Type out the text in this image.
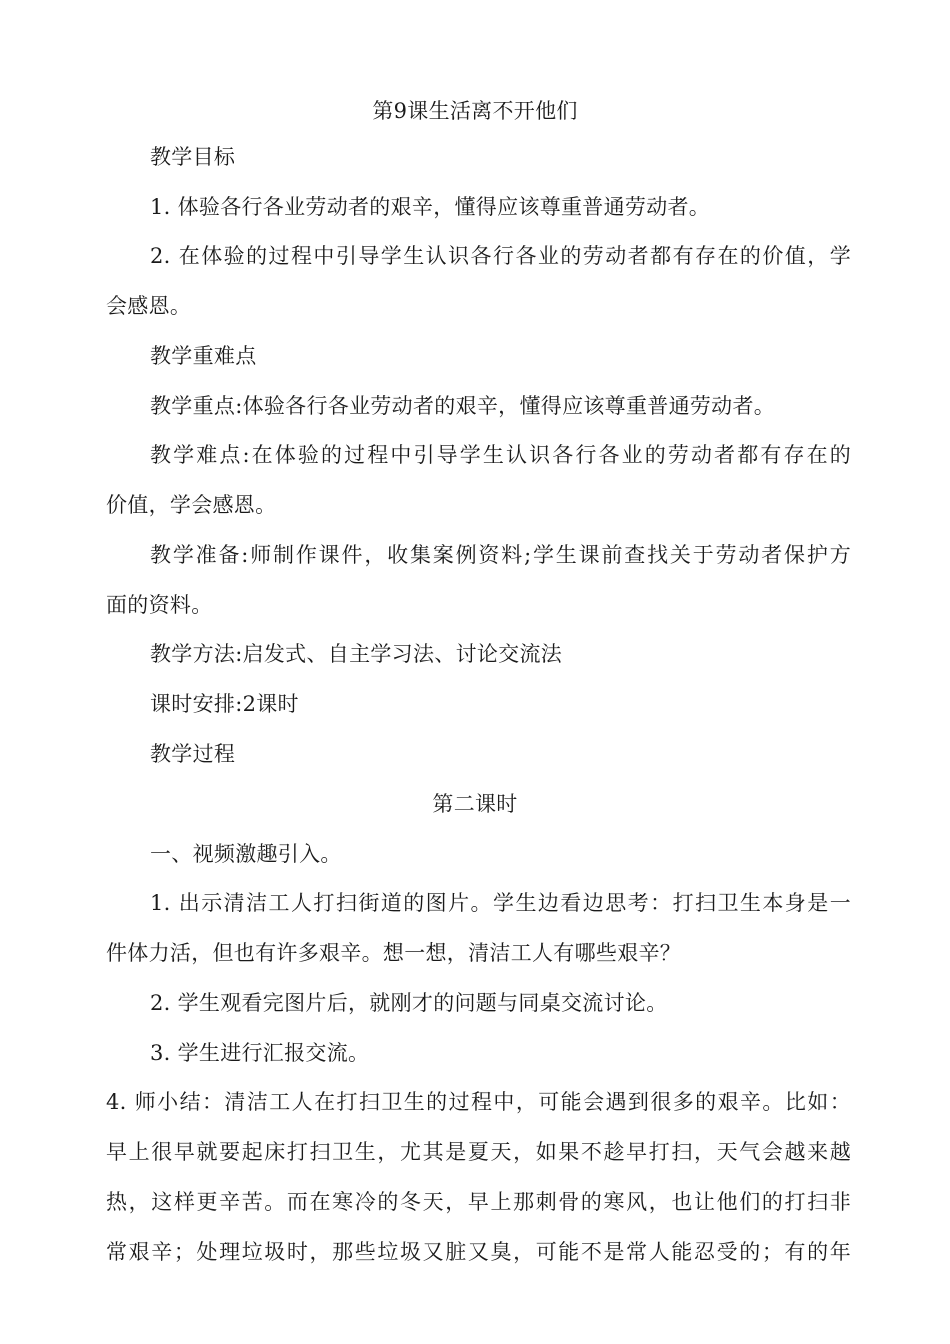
第9课生活离不开他们
教学目标
1. 体验各行各业劳动者的艰辛，懂得应该尊重普通劳动者。
2. 在体验的过程中引导学生认识各行各业的劳动者都有存在的价值，学
会感恩。
教学重难点
教学重点:体验各行各业劳动者的艰辛，懂得应该尊重普通劳动者。
教学难点:在体验的过程中引导学生认识各行各业的劳动者都有存在的
价值，学会感恩。
教学准备:师制作课件，收集案例资料;学生课前查找关于劳动者保护方
面的资料。
教学方法:启发式、自主学习法、讨论交流法
课时安排:2课时
教学过程
第二课时
一、视频激趣引入。
1. 出示清洁工人打扫街道的图片。学生边看边思考：打扫卫生本身是一
件体力活，但也有许多艰辛。想一想，清洁工人有哪些艰辛？
2. 学生观看完图片后，就刚才的问题与同桌交流讨论。
3. 学生进行汇报交流。
4. 师小结：清洁工人在打扫卫生的过程中，可能会遇到很多的艰辛。比如：
早上很早就要起床打扫卫生，尤其是夏天，如果不趁早打扫，天气会越来越
热，这样更辛苦。而在寒冷的冬天，早上那刺骨的寒风，也让他们的打扫非
常艰辛；处理垃圾时，那些垃圾又脏又臭，可能不是常人能忍受的；有的年
